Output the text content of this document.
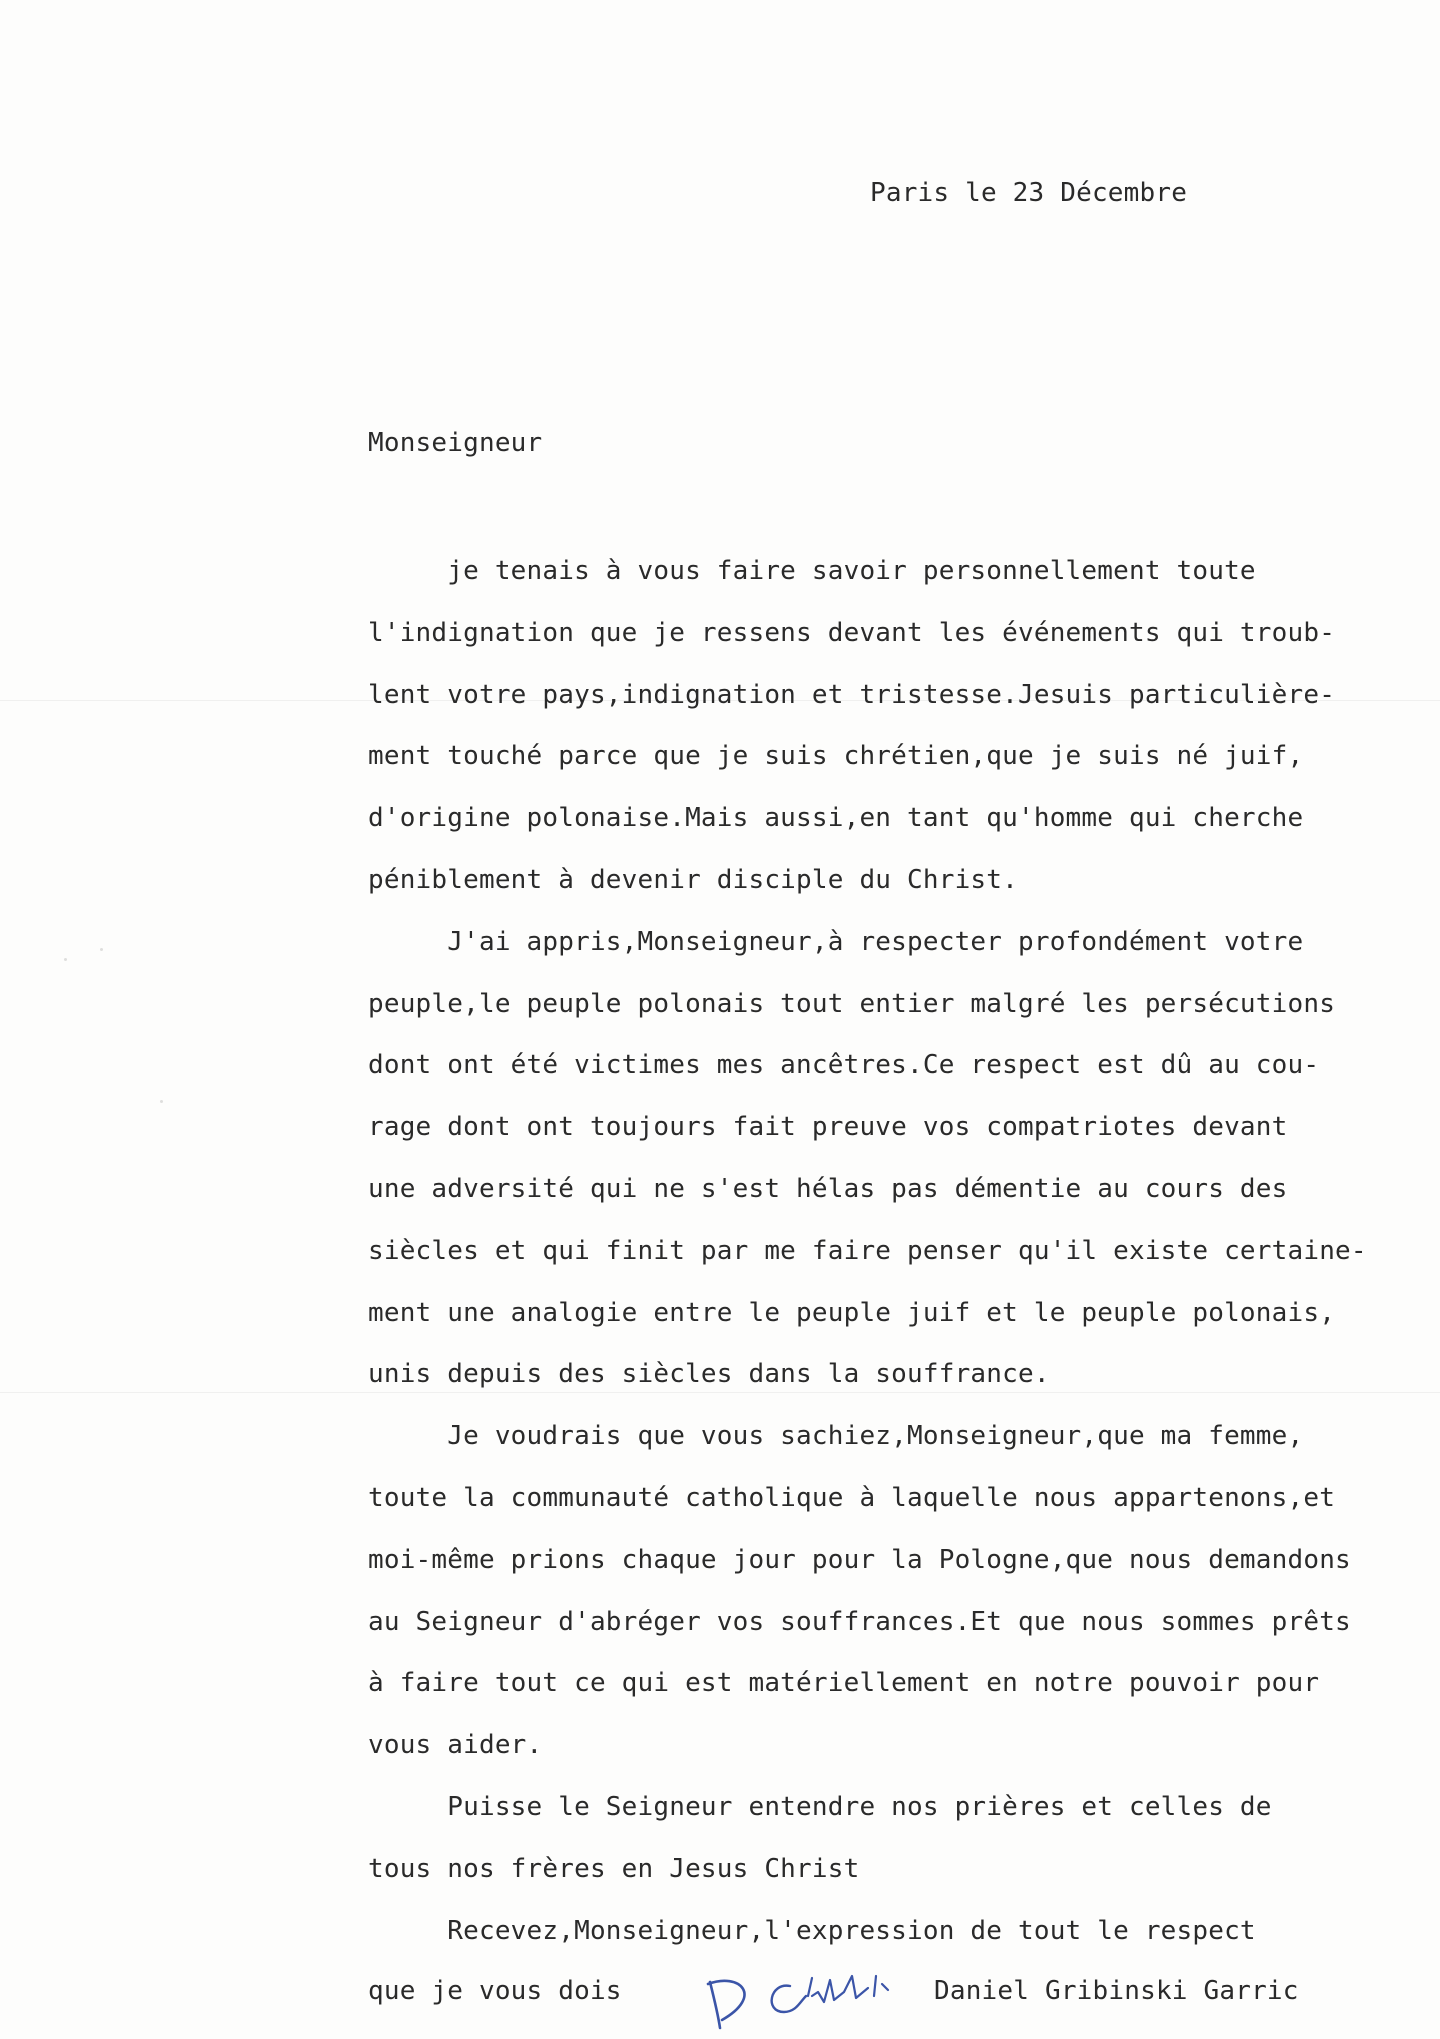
Paris le 23 Décembre
Monseigneur
je tenais à vous faire savoir personnellement toute
l'indignation que je ressens devant les événements qui troub-
lent votre pays,indignation et tristesse.Jesuis particulière-
ment touché parce que je suis chrétien,que je suis né juif,
d'origine polonaise.Mais aussi,en tant qu'homme qui cherche
péniblement à devenir disciple du Christ.
J'ai appris,Monseigneur,à respecter profondément votre
peuple,le peuple polonais tout entier malgré les persécutions
dont ont été victimes mes ancêtres.Ce respect est dû au cou-
rage dont ont toujours fait preuve vos compatriotes devant
une adversité qui ne s'est hélas pas démentie au cours des
siècles et qui finit par me faire penser qu'il existe certaine-
ment une analogie entre le peuple juif et le peuple polonais,
unis depuis des siècles dans la souffrance.
Je voudrais que vous sachiez,Monseigneur,que ma femme,
toute la communauté catholique à laquelle nous appartenons,et
moi-même prions chaque jour pour la Pologne,que nous demandons
au Seigneur d'abréger vos souffrances.Et que nous sommes prêts
à faire tout ce qui est matériellement en notre pouvoir pour
vous aider.
Puisse le Seigneur entendre nos prières et celles de
tous nos frères en Jesus Christ
Recevez,Monseigneur,l'expression de tout le respect
que je vous dois	Daniel Gribinski Garric
